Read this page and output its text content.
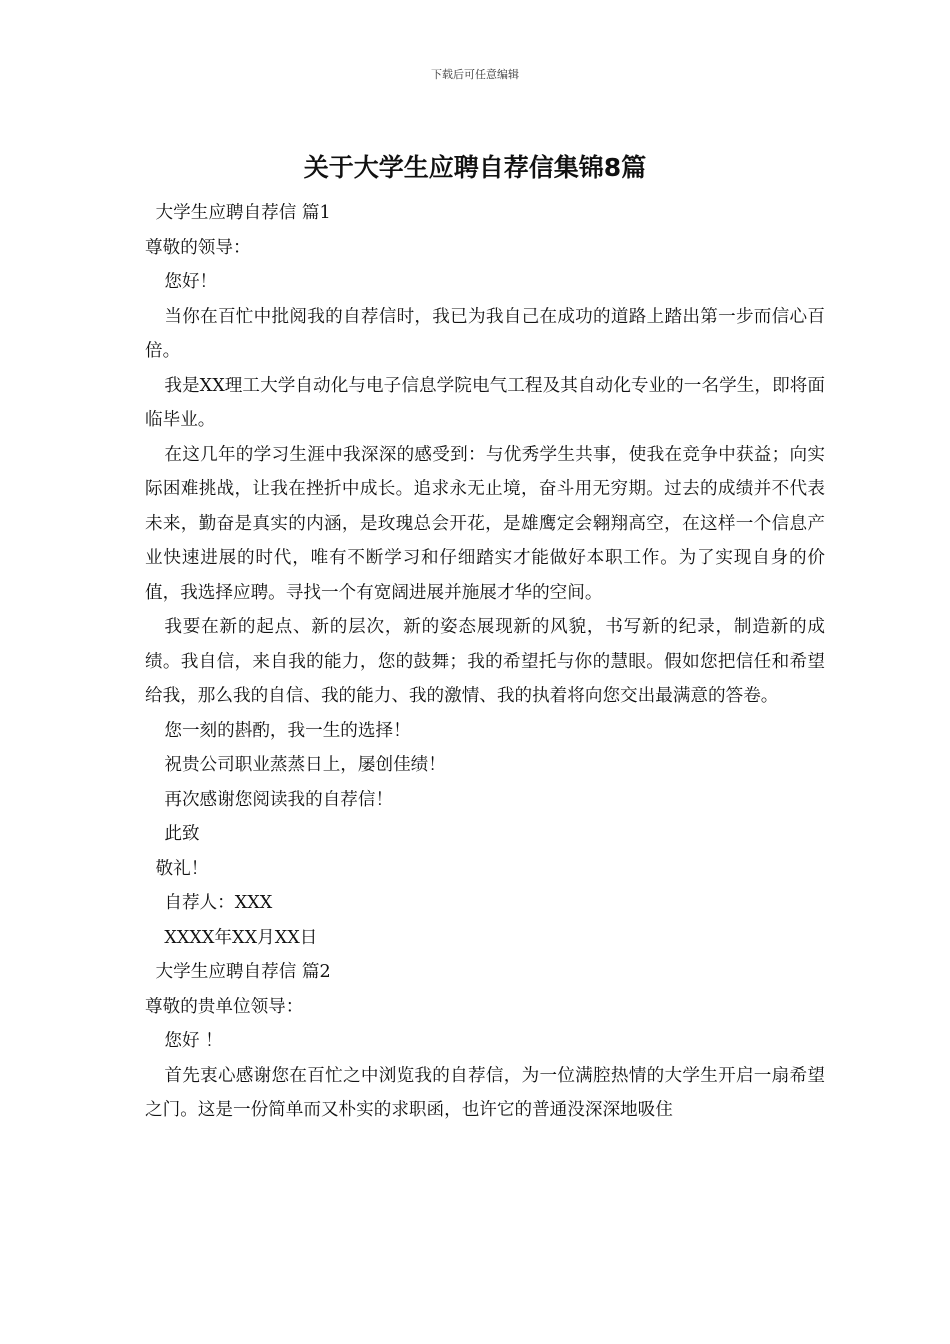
下载后可任意编辑
关于大学生应聘自荐信集锦8篇

大学生应聘自荐信 篇1

尊敬的领导：

您好！

当你在百忙中批阅我的自荐信时，我已为我自己在成功的道路上踏出第一步而信心百倍。

我是XX理工大学自动化与电子信息学院电气工程及其自动化专业的一名学生，即将面临毕业。

在这几年的学习生涯中我深深的感受到：与优秀学生共事，使我在竞争中获益；向实际困难挑战，让我在挫折中成长。追求永无止境，奋斗用无穷期。过去的成绩并不代表未来，勤奋是真实的内涵，是玫瑰总会开花，是雄鹰定会翱翔高空，在这样一个信息产业快速进展的时代，唯有不断学习和仔细踏实才能做好本职工作。为了实现自身的价值，我选择应聘。寻找一个有宽阔进展并施展才华的空间。

我要在新的起点、新的层次，新的姿态展现新的风貌，书写新的纪录，制造新的成绩。我自信，来自我的能力，您的鼓舞；我的希望托与你的慧眼。假如您把信任和希望给我，那么我的自信、我的能力、我的激情、我的执着将向您交出最满意的答卷。

您一刻的斟酌，我一生的选择！

祝贵公司职业蒸蒸日上，屡创佳绩！

再次感谢您阅读我的自荐信！

此致

敬礼！

自荐人：XXX

XXXX年XX月XX日

大学生应聘自荐信 篇2

尊敬的贵单位领导：

您好 ！

首先衷心感谢您在百忙之中浏览我的自荐信，为一位满腔热情的大学生开启一扇希望之门。这是一份简单而又朴实的求职函，也许它的普通没深深地吸住
